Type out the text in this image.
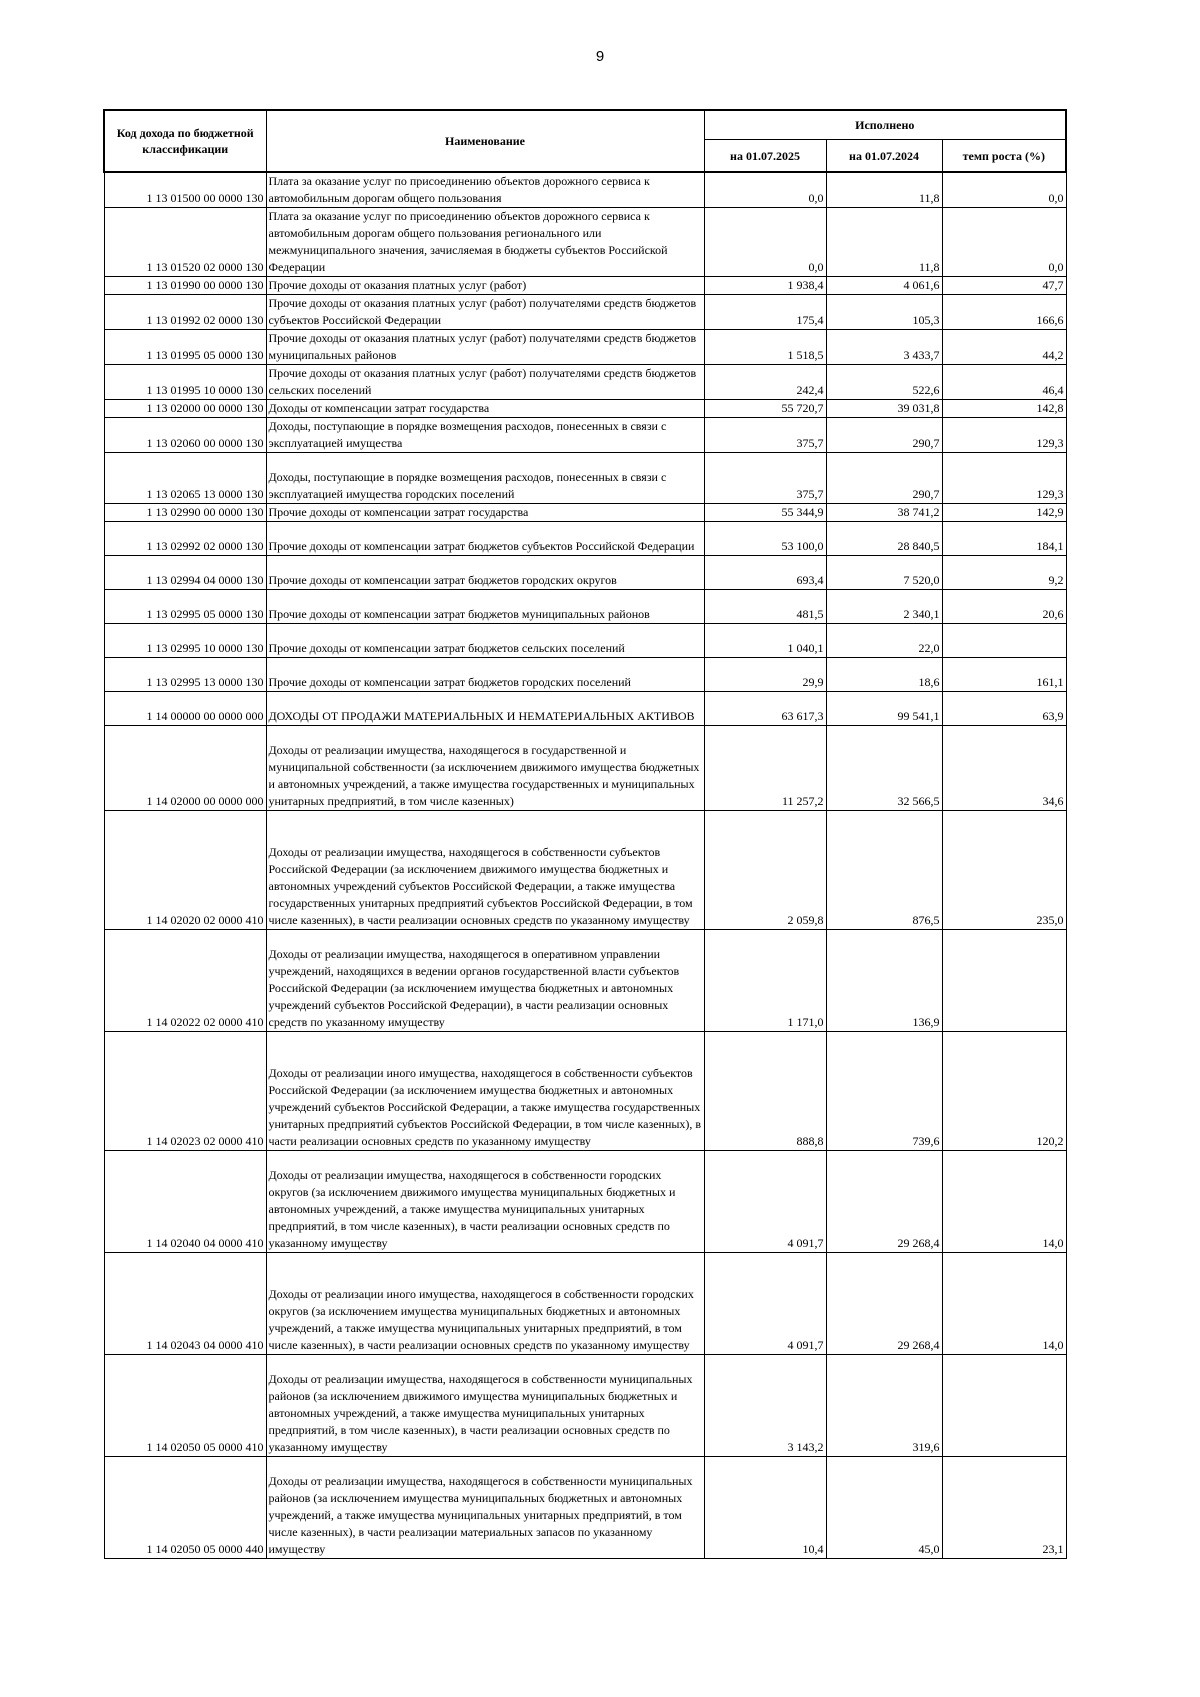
9
Код дохода по бюджетной классификации	Наименование	Исполнено		
		на 01.07.2025	на 01.07.2024	темп роста (%)
1 13 01500 00 0000 130	Плата за оказание услуг по присоединению объектов дорожного сервиса к автомобильным дорогам общего пользования	0,0	11,8	0,0
1 13 01520 02 0000 130	Плата за оказание услуг по присоединению объектов дорожного сервиса к автомобильным дорогам общего пользования регионального или межмуниципального значения, зачисляемая в бюджеты субъектов Российской Федерации	0,0	11,8	0,0
1 13 01990 00 0000 130	Прочие доходы от оказания платных услуг (работ)	1 938,4	4 061,6	47,7
1 13 01992 02 0000 130	Прочие доходы от оказания платных услуг (работ) получателями средств бюджетов субъектов Российской Федерации	175,4	105,3	166,6
1 13 01995 05 0000 130	Прочие доходы от оказания платных услуг (работ) получателями средств бюджетов муниципальных районов	1 518,5	3 433,7	44,2
1 13 01995 10 0000 130	Прочие доходы от оказания платных услуг (работ) получателями средств бюджетов сельских поселений	242,4	522,6	46,4
1 13 02000 00 0000 130	Доходы от компенсации затрат государства	55 720,7	39 031,8	142,8
1 13 02060 00 0000 130	Доходы, поступающие в порядке возмещения расходов, понесенных в связи с эксплуатацией имущества	375,7	290,7	129,3
1 13 02065 13 0000 130	Доходы, поступающие в порядке возмещения расходов, понесенных в связи с эксплуатацией имущества городских поселений	375,7	290,7	129,3
1 13 02990 00 0000 130	Прочие доходы от компенсации затрат государства	55 344,9	38 741,2	142,9
1 13 02992 02 0000 130	Прочие доходы от компенсации затрат бюджетов субъектов Российской Федерации	53 100,0	28 840,5	184,1
1 13 02994 04 0000 130	Прочие доходы от компенсации затрат бюджетов городских округов	693,4	7 520,0	9,2
1 13 02995 05 0000 130	Прочие доходы от компенсации затрат бюджетов муниципальных районов	481,5	2 340,1	20,6
1 13 02995 10 0000 130	Прочие доходы от компенсации затрат бюджетов сельских поселений	1 040,1	22,0	
1 13 02995 13 0000 130	Прочие доходы от компенсации затрат бюджетов городских поселений	29,9	18,6	161,1
1 14 00000 00 0000 000	ДОХОДЫ ОТ ПРОДАЖИ МАТЕРИАЛЬНЫХ И НЕМАТЕРИАЛЬНЫХ АКТИВОВ	63 617,3	99 541,1	63,9
1 14 02000 00 0000 000	Доходы от реализации имущества, находящегося в государственной и муниципальной собственности (за исключением движимого имущества бюджетных и автономных учреждений, а также имущества государственных и муниципальных унитарных предприятий, в том числе казенных)	11 257,2	32 566,5	34,6
1 14 02020 02 0000 410	Доходы от реализации имущества, находящегося в собственности субъектов Российской Федерации (за исключением движимого имущества бюджетных и автономных учреждений субъектов Российской Федерации, а также имущества государственных унитарных предприятий субъектов Российской Федерации, в том числе казенных), в части реализации основных средств по указанному имуществу	2 059,8	876,5	235,0
1 14 02022 02 0000 410	Доходы от реализации имущества, находящегося в оперативном управлении учреждений, находящихся в ведении органов государственной власти субъектов Российской Федерации (за исключением имущества бюджетных и автономных учреждений субъектов Российской Федерации), в части реализации основных средств по указанному имуществу	1 171,0	136,9	
1 14 02023 02 0000 410	Доходы от реализации иного имущества, находящегося в собственности субъектов Российской Федерации (за исключением имущества бюджетных и автономных учреждений субъектов Российской Федерации, а также имущества государственных унитарных предприятий субъектов Российской Федерации, в том числе казенных), в части реализации основных средств по указанному имуществу	888,8	739,6	120,2
1 14 02040 04 0000 410	Доходы от реализации имущества, находящегося в собственности городских округов (за исключением движимого имущества муниципальных бюджетных и автономных учреждений, а также имущества муниципальных унитарных предприятий, в том числе казенных), в части реализации основных средств по указанному имуществу	4 091,7	29 268,4	14,0
1 14 02043 04 0000 410	Доходы от реализации иного имущества, находящегося в собственности городских округов (за исключением имущества муниципальных бюджетных и автономных учреждений, а также имущества муниципальных унитарных предприятий, в том числе казенных), в части реализации основных средств по указанному имуществу	4 091,7	29 268,4	14,0
1 14 02050 05 0000 410	Доходы от реализации имущества, находящегося в собственности муниципальных районов (за исключением движимого имущества муниципальных бюджетных и автономных учреждений, а также имущества муниципальных унитарных предприятий, в том числе казенных), в части реализации основных средств по указанному имуществу	3 143,2	319,6	
1 14 02050 05 0000 440	Доходы от реализации имущества, находящегося в собственности муниципальных районов (за исключением имущества муниципальных бюджетных и автономных учреждений, а также имущества муниципальных унитарных предприятий, в том числе казенных), в части реализации материальных запасов по указанному имуществу	10,4	45,0	23,1
